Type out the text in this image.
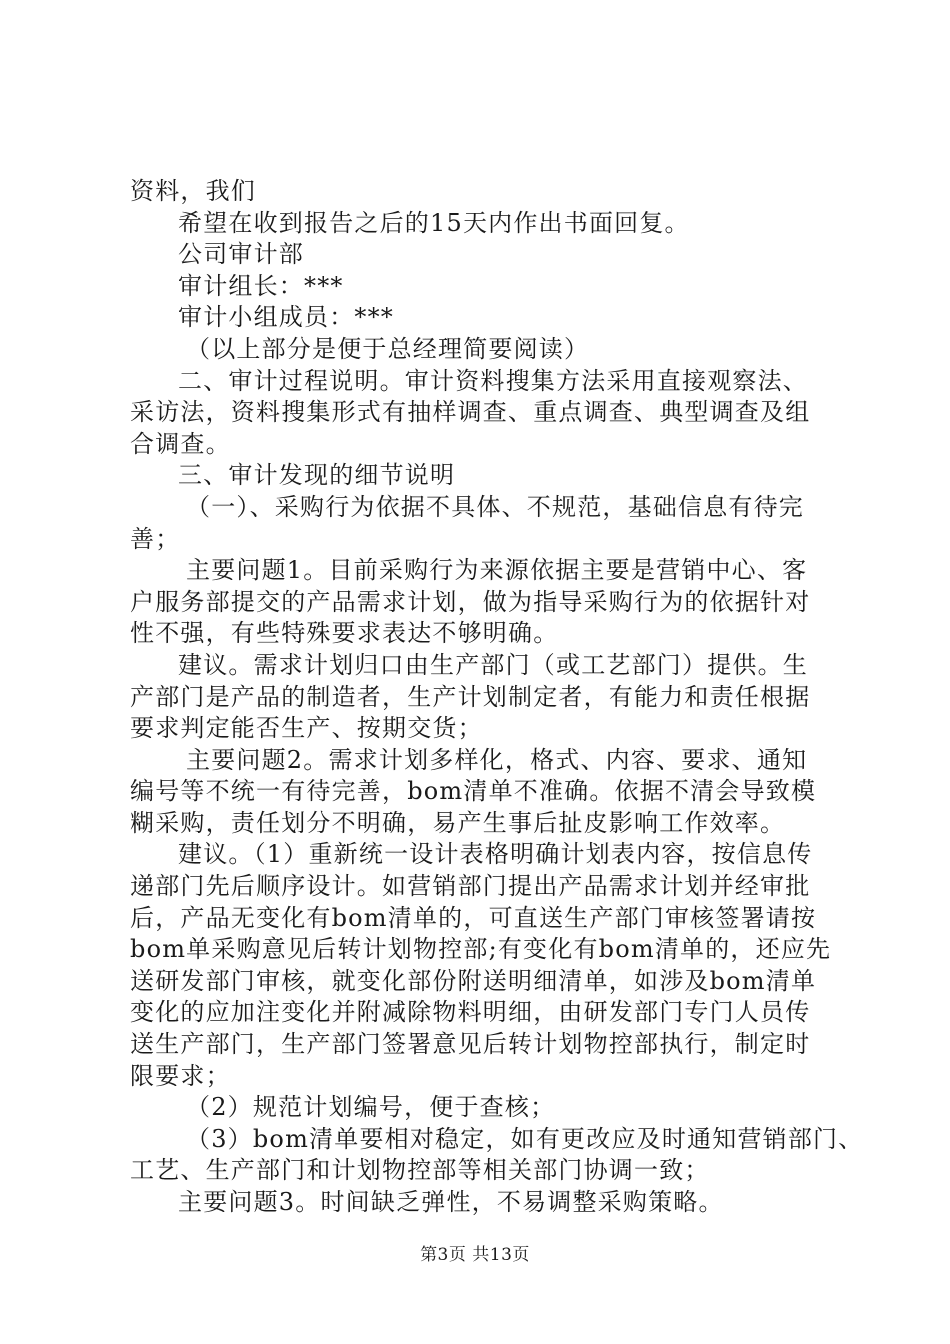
资料，我们
希望在收到报告之后的15天内作出书面回复。
公司审计部
审计组长：***
审计小组成员：***
（以上部分是便于总经理简要阅读）
二、审计过程说明。审计资料搜集方法采用直接观察法、
采访法，资料搜集形式有抽样调查、重点调查、典型调查及组
合调查。
三、审计发现的细节说明
（一）、采购行为依据不具体、不规范，基础信息有待完
善；
主要问题1。目前采购行为来源依据主要是营销中心、客
户服务部提交的产品需求计划，做为指导采购行为的依据针对
性不强，有些特殊要求表达不够明确。
建议。需求计划归口由生产部门（或工艺部门）提供。生
产部门是产品的制造者，生产计划制定者，有能力和责任根据
要求判定能否生产、按期交货；
主要问题2。需求计划多样化，格式、内容、要求、通知
编号等不统一有待完善，bom清单不准确。依据不清会导致模
糊采购，责任划分不明确，易产生事后扯皮影响工作效率。
建议。（1）重新统一设计表格明确计划表内容，按信息传
递部门先后顺序设计。如营销部门提出产品需求计划并经审批
后，产品无变化有bom清单的，可直送生产部门审核签署请按
bom单采购意见后转计划物控部;有变化有bom清单的，还应先
送研发部门审核，就变化部份附送明细清单，如涉及bom清单
变化的应加注变化并附减除物料明细，由研发部门专门人员传
送生产部门，生产部门签署意见后转计划物控部执行，制定时
限要求；
（2）规范计划编号，便于查核；
（3）bom清单要相对稳定，如有更改应及时通知营销部门、
工艺、生产部门和计划物控部等相关部门协调一致；
主要问题3。时间缺乏弹性，不易调整采购策略。
第3页 共13页
